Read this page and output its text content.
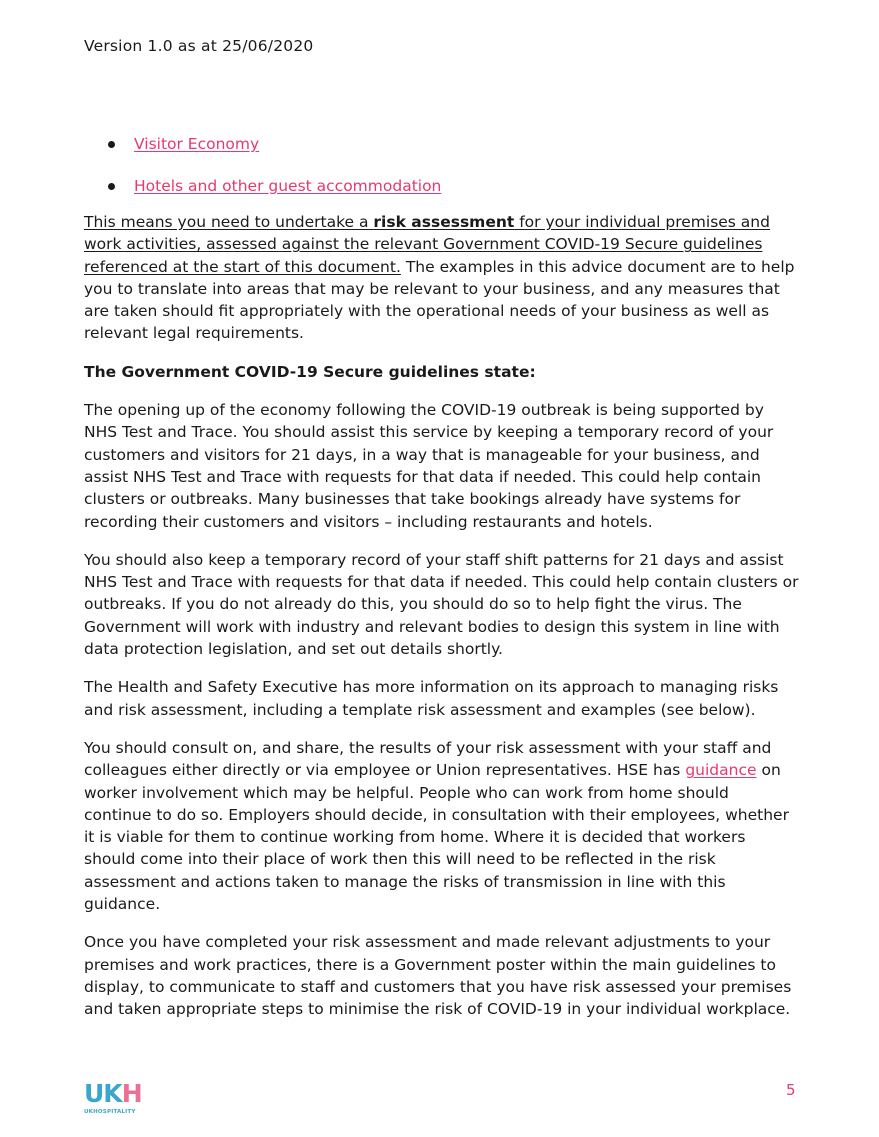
Version 1.0 as at 25/06/2020
Visitor Economy
Hotels and other guest accommodation

This means you need to undertake a risk assessment for your individual premises and work activities, assessed against the relevant Government COVID-19 Secure guidelines referenced at the start of this document. The examples in this advice document are to help you to translate into areas that may be relevant to your business, and any measures that are taken should fit appropriately with the operational needs of your business as well as relevant legal requirements.

The Government COVID-19 Secure guidelines state:

The opening up of the economy following the COVID-19 outbreak is being supported by NHS Test and Trace. You should assist this service by keeping a temporary record of your customers and visitors for 21 days, in a way that is manageable for your business, and assist NHS Test and Trace with requests for that data if needed. This could help contain clusters or outbreaks. Many businesses that take bookings already have systems for recording their customers and visitors – including restaurants and hotels.

You should also keep a temporary record of your staff shift patterns for 21 days and assist NHS Test and Trace with requests for that data if needed. This could help contain clusters or outbreaks. If you do not already do this, you should do so to help fight the virus. The Government will work with industry and relevant bodies to design this system in line with data protection legislation, and set out details shortly.

The Health and Safety Executive has more information on its approach to managing risks and risk assessment, including a template risk assessment and examples (see below).

You should consult on, and share, the results of your risk assessment with your staff and colleagues either directly or via employee or Union representatives. HSE has guidance on worker involvement which may be helpful. People who can work from home should continue to do so. Employers should decide, in consultation with their employees, whether it is viable for them to continue working from home. Where it is decided that workers should come into their place of work then this will need to be reflected in the risk assessment and actions taken to manage the risks of transmission in line with this guidance.

Once you have completed your risk assessment and made relevant adjustments to your premises and work practices, there is a Government poster within the main guidelines to display, to communicate to staff and customers that you have risk assessed your premises and taken appropriate steps to minimise the risk of COVID-19 in your individual workplace.

UKH
UKHOSPITALITY
5
